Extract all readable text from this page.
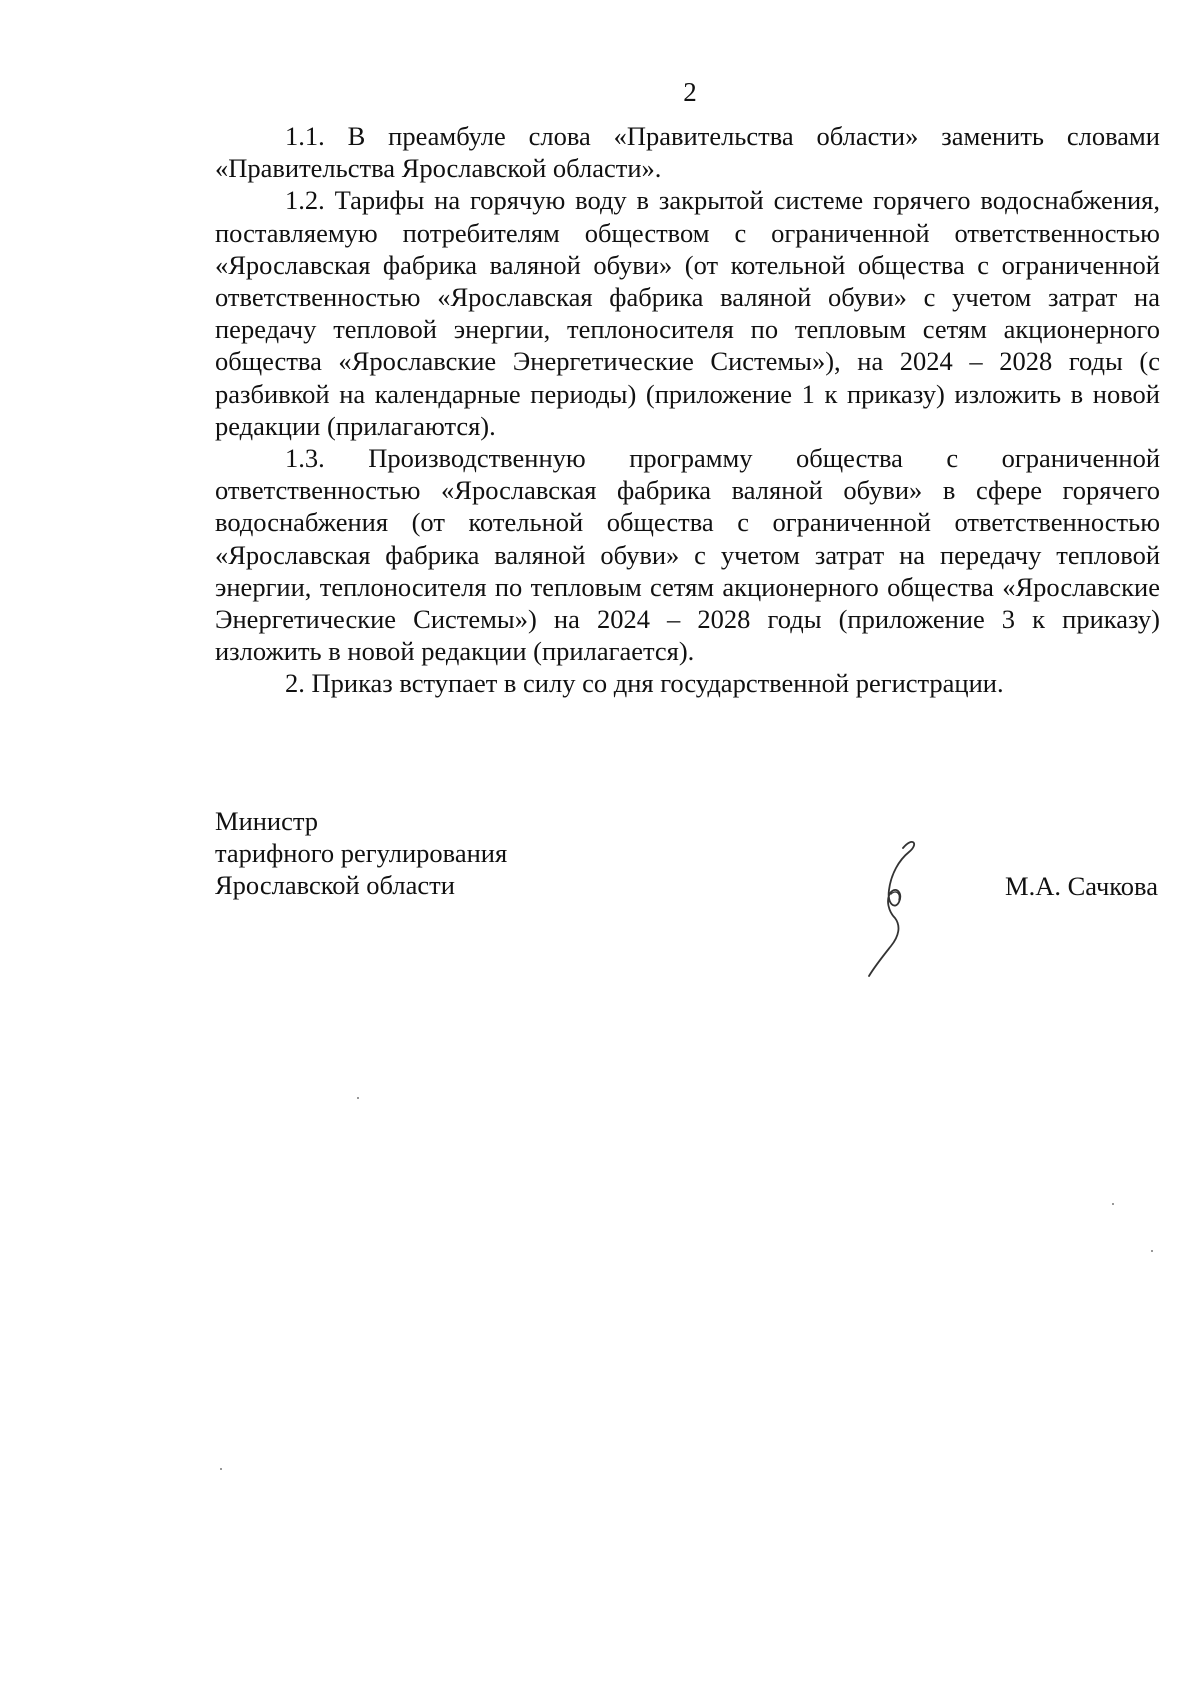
2

1.1. В преамбуле слова «Правительства области» заменить словами «Правительства Ярославской области».

1.2. Тарифы на горячую воду в закрытой системе горячего водоснабжения, поставляемую потребителям обществом с ограниченной ответственностью «Ярославская фабрика валяной обуви» (от котельной общества с ограниченной ответственностью «Ярославская фабрика валяной обуви» с учетом затрат на передачу тепловой энергии, теплоносителя по тепловым сетям акционерного общества «Ярославские Энергетические Системы»), на 2024 – 2028 годы (с разбивкой на календарные периоды) (приложение 1 к приказу) изложить в новой редакции (прилагаются).

1.3. Производственную программу общества с ограниченной ответственностью «Ярославская фабрика валяной обуви» в сфере горячего водоснабжения (от котельной общества с ограниченной ответственностью «Ярославская фабрика валяной обуви» с учетом затрат на передачу тепловой энергии, теплоносителя по тепловым сетям акционерного общества «Ярославские Энергетические Системы») на 2024 – 2028 годы (приложение 3 к приказу) изложить в новой редакции (прилагается).

2. Приказ вступает в силу со дня государственной регистрации.

Министр
тарифного регулирования
Ярославской области	М.А. Сачкова
